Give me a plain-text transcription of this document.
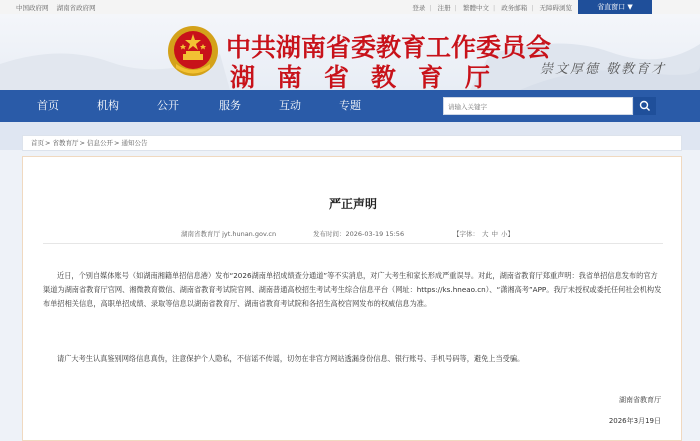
中国政府网 湖南省政府网	登录 | 注册 | 繁體中文 | 政务邮箱 | 无障碍浏览	省直窗口 ▼
中共湖南省委教育工作委员会
湖南省教育厅 崇文厚德 敬教育才
首页	机构	公开	服务	互动	专题
请输入关键字
首页> 省教育厅> 信息公开> 通知公告
严正声明
湖南省教育厅 jyt.hunan.gov.cn	发布时间：2026-03-19 15:56	【字体： 大 中 小】
近日，个别自媒体账号（如湖南湘籍单招信息港）发布“2026湖南单招成绩查分通道”等不实消息，对广大考生和家长形成严重误导。对此，湖南省教育厅郑重声明：我省单招信息发布的官方渠道为湖南省教育厅官网、湘微教育微信、湖南省教育考试院官网、湖南普通高校招生考试考生综合信息平台（网址：https://ks.hneao.cn）、“潇湘高考”APP。我厅未授权或委托任何社会机构发布单招相关信息，高职单招成绩、录取等信息以湖南省教育厅、湖南省教育考试院和各招生高校官网发布的权威信息为准。
请广大考生认真鉴别网络信息真伪，注意保护个人隐私，不信谣不传谣，切勿在非官方网站透漏身份信息、银行账号、手机号码等，避免上当受骗。
湖南省教育厅
2026年3月19日
